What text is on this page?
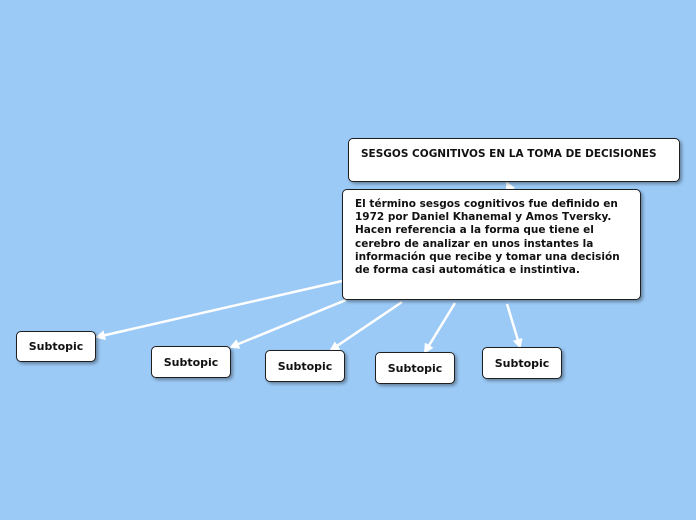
SESGOS COGNITIVOS EN LA TOMA DE DECISIONES
El término sesgos cognitivos fue definido en 1972 por Daniel Khanemal y Amos Tversky. Hacen referencia a la forma que tiene el cerebro de analizar en unos instantes la información que recibe y tomar una decisión de forma casi automática e instintiva.
Subtopic
Subtopic	Subtopic	Subtopic	Subtopic
